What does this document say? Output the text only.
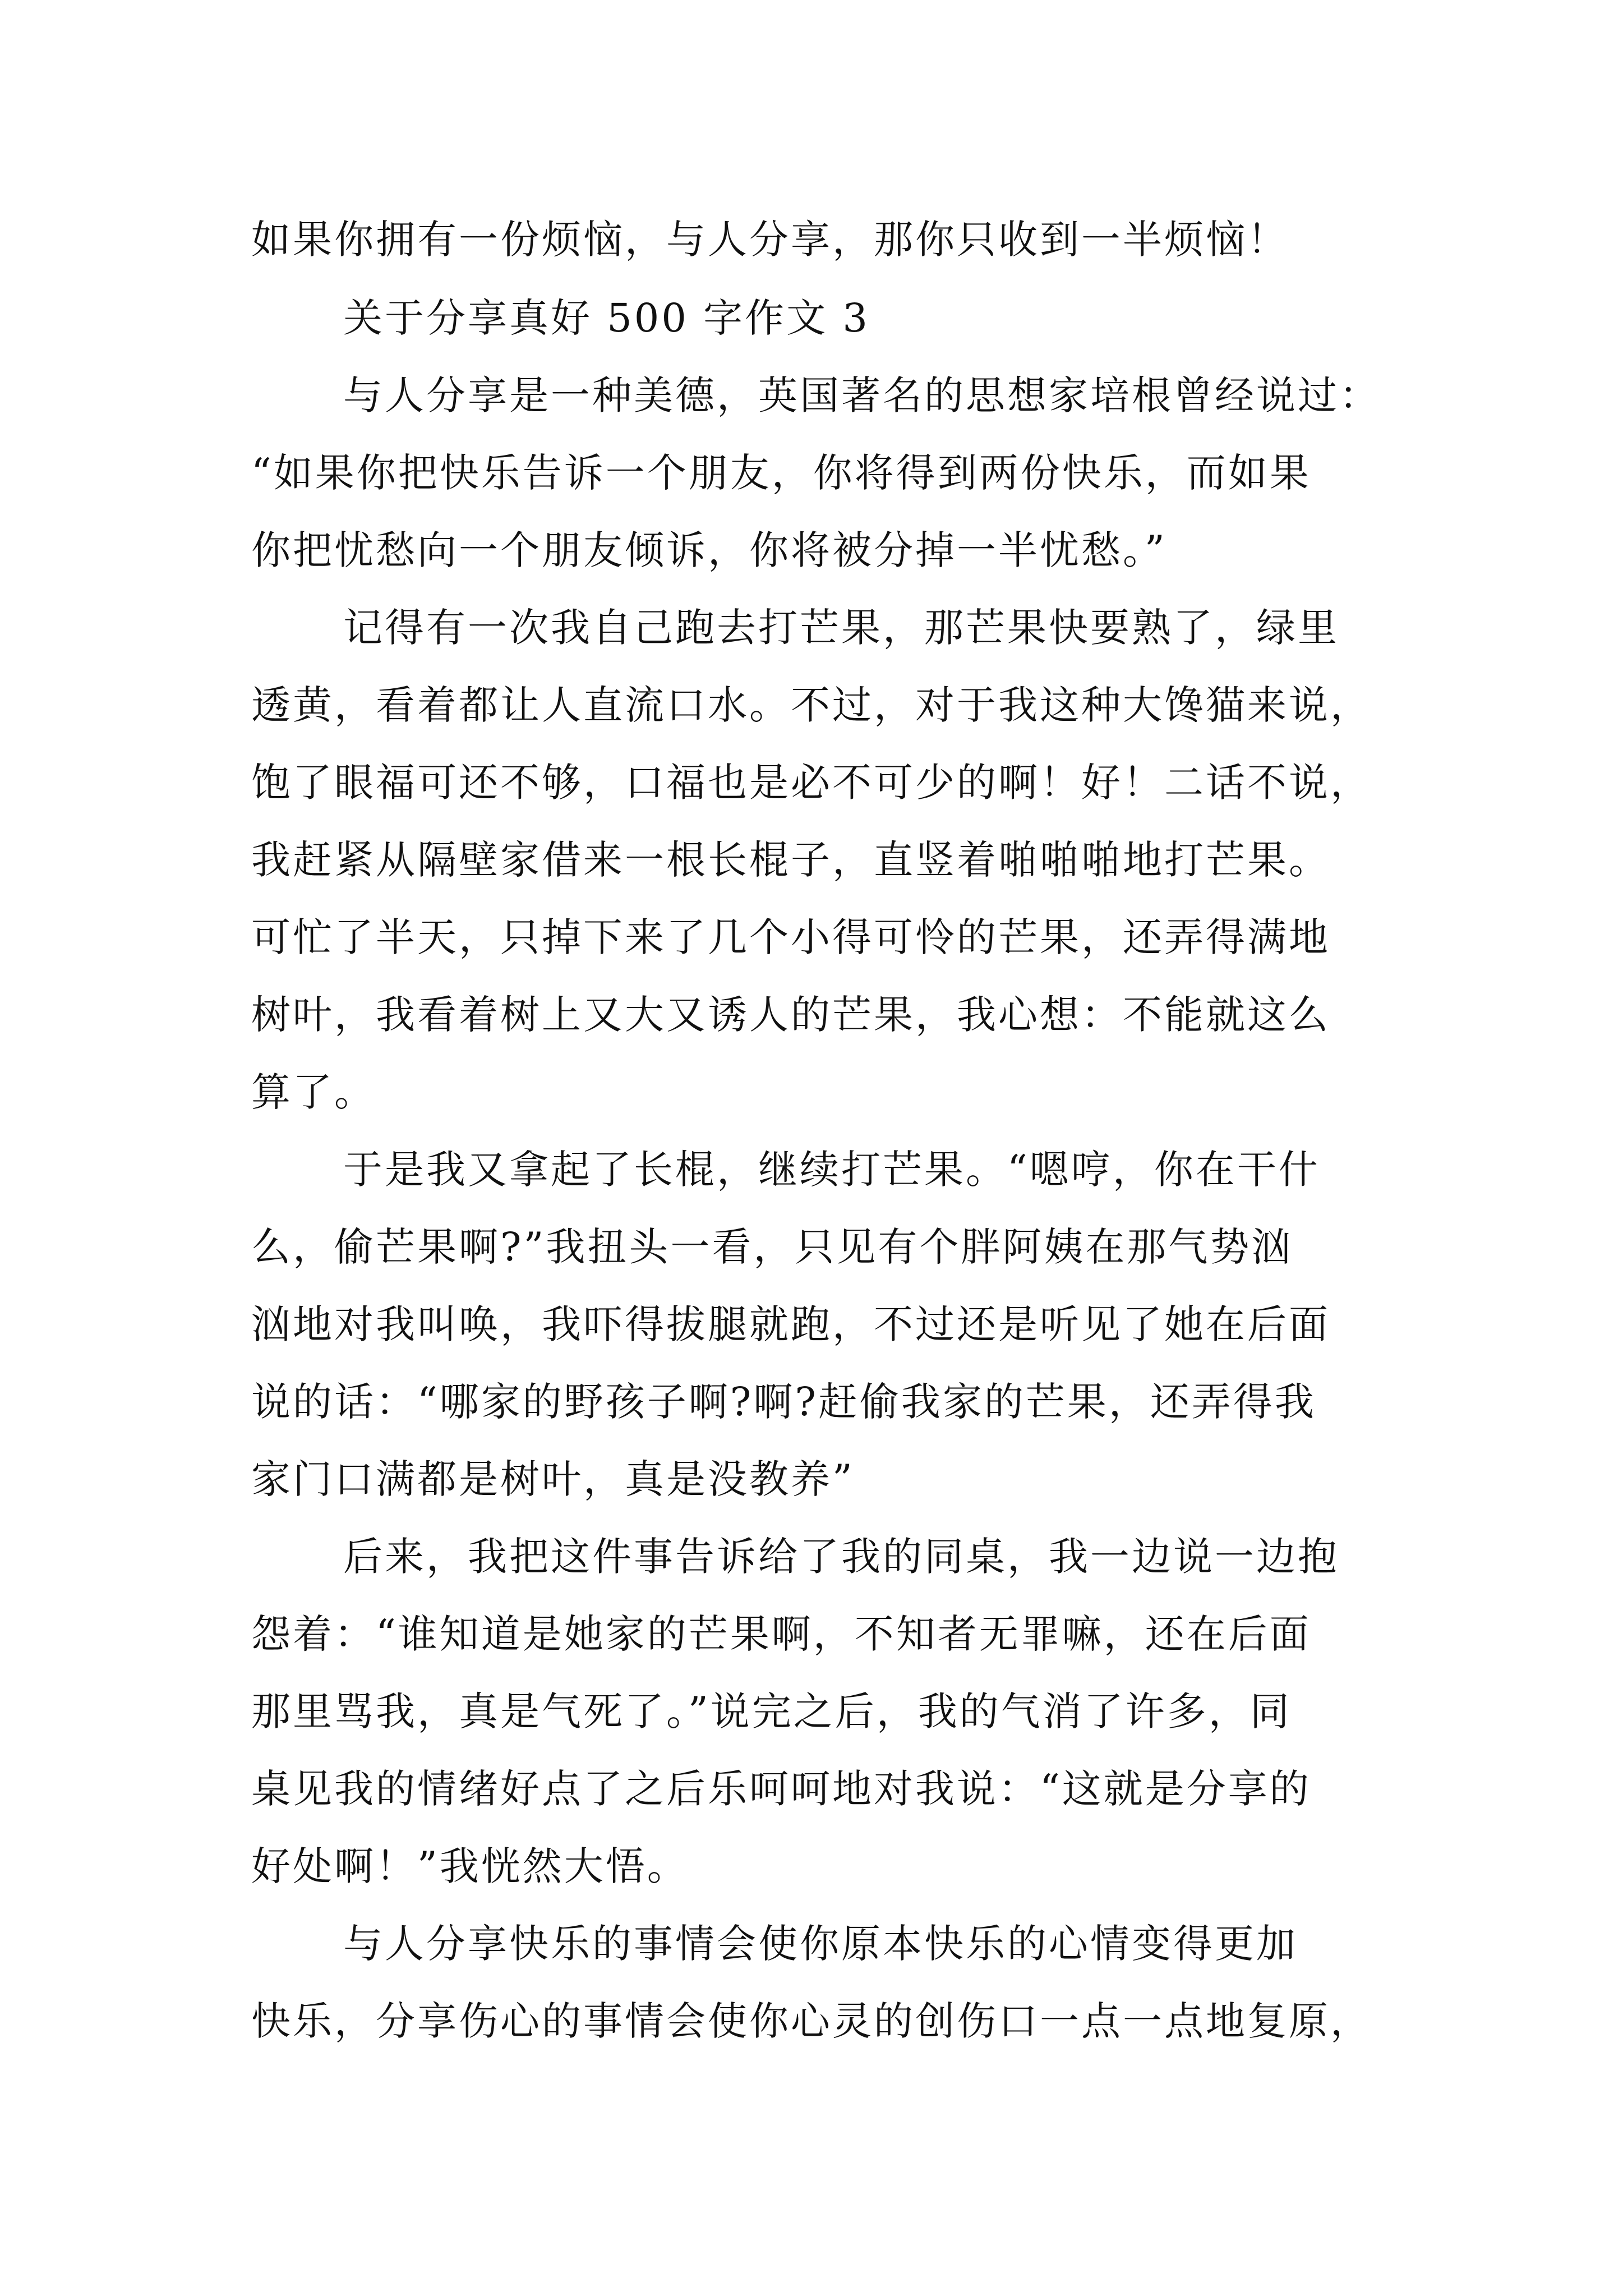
如果你拥有一份烦恼，与人分享，那你只收到一半烦恼！
关于分享真好 500 字作文 3
与人分享是一种美德，英国著名的思想家培根曾经说过：
“如果你把快乐告诉一个朋友，你将得到两份快乐，而如果
你把忧愁向一个朋友倾诉，你将被分掉一半忧愁。”
记得有一次我自己跑去打芒果，那芒果快要熟了，绿里
透黄，看着都让人直流口水。不过，对于我这种大馋猫来说，
饱了眼福可还不够，口福也是必不可少的啊！好！二话不说，
我赶紧从隔壁家借来一根长棍子，直竖着啪啪啪地打芒果。
可忙了半天，只掉下来了几个小得可怜的芒果，还弄得满地
树叶，我看着树上又大又诱人的芒果，我心想：不能就这么
算了。
于是我又拿起了长棍，继续打芒果。“嗯哼，你在干什
么，偷芒果啊?”我扭头一看，只见有个胖阿姨在那气势汹
汹地对我叫唤，我吓得拔腿就跑，不过还是听见了她在后面
说的话：“哪家的野孩子啊?啊?赶偷我家的芒果，还弄得我
家门口满都是树叶，真是没教养”
后来，我把这件事告诉给了我的同桌，我一边说一边抱
怨着：“谁知道是她家的芒果啊，不知者无罪嘛，还在后面
那里骂我，真是气死了。”说完之后，我的气消了许多，同
桌见我的情绪好点了之后乐呵呵地对我说：“这就是分享的
好处啊！”我恍然大悟。
与人分享快乐的事情会使你原本快乐的心情变得更加
快乐，分享伤心的事情会使你心灵的创伤口一点一点地复原，
